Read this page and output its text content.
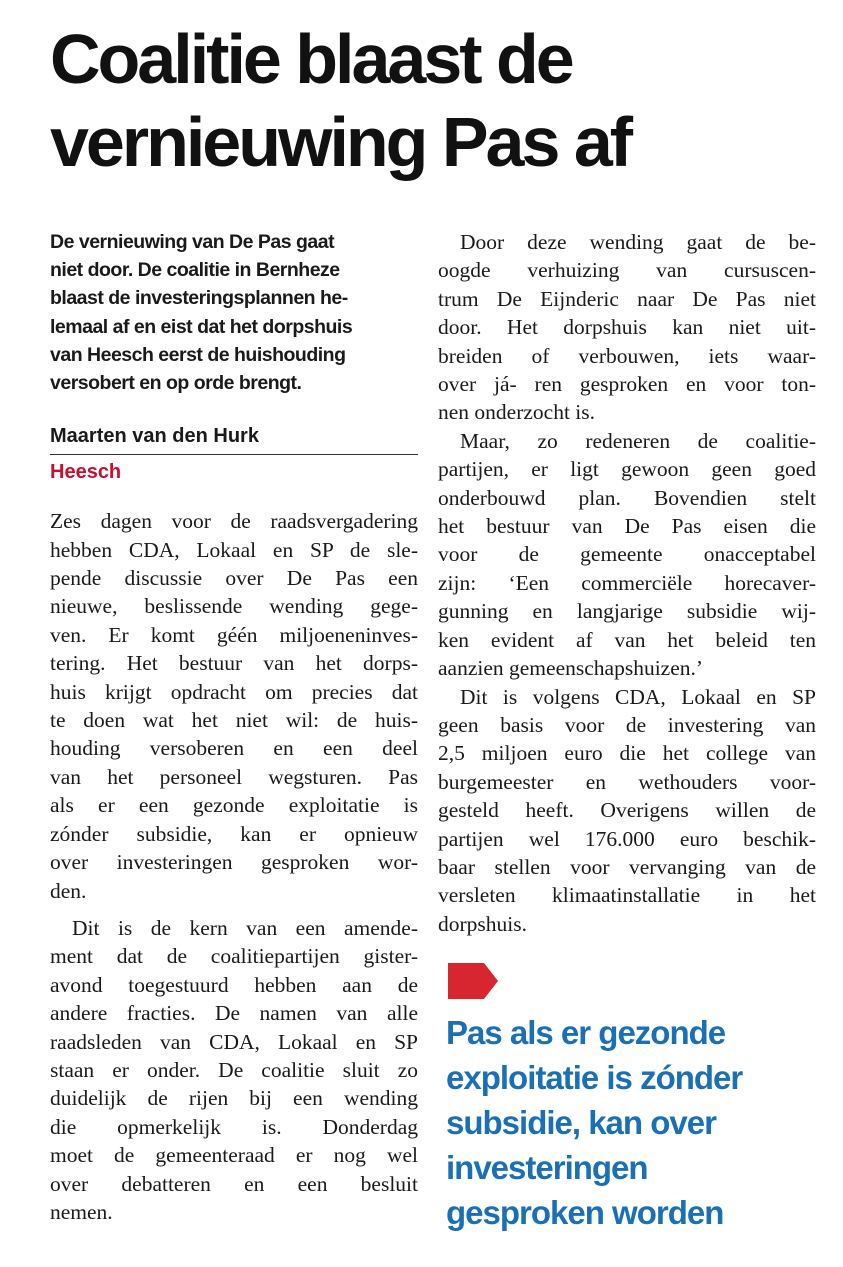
Coalitie blaast de
vernieuwing Pas af

De vernieuwing van De Pas gaat
niet door. De coalitie in Bernheze
blaast de investeringsplannen he-
lemaal af en eist dat het dorpshuis
van Heesch eerst de huishouding
versobert en op orde brengt.

Maarten van den Hurk
Heesch
Zes dagen voor de raadsvergadering
hebben CDA, Lokaal en SP de sle-
pende discussie over De Pas een
nieuwe, beslissende wending gege-
ven. Er komt géén miljoeneninves-
tering. Het bestuur van het dorps-
huis krijgt opdracht om precies dat
te doen wat het niet wil: de huis-
houding versoberen en een deel
van het personeel wegsturen. Pas
als er een gezonde exploitatie is
zónder subsidie, kan er opnieuw
over investeringen gesproken wor-
den.
Dit is de kern van een amende-
ment dat de coalitiepartijen gister-
avond toegestuurd hebben aan de
andere fracties. De namen van alle
raadsleden van CDA, Lokaal en SP
staan er onder. De coalitie sluit zo
duidelijk de rijen bij een wending
die opmerkelijk is. Donderdag
moet de gemeenteraad er nog wel
over debatteren en een besluit
nemen.
Door deze wending gaat de be-
oogde verhuizing van cursuscen-
trum De Eijnderic naar De Pas niet
door. Het dorpshuis kan niet uit-
breiden of verbouwen, iets waar-
over já- ren gesproken en voor ton-
nen onderzocht is.
Maar, zo redeneren de coalitie-
partijen, er ligt gewoon geen goed
onderbouwd plan. Bovendien stelt
het bestuur van De Pas eisen die
voor de gemeente onacceptabel
zijn: ‘Een commerciële horecaver-
gunning en langjarige subsidie wij-
ken evident af van het beleid ten
aanzien gemeenschapshuizen.’
Dit is volgens CDA, Lokaal en SP
geen basis voor de investering van
2,5 miljoen euro die het college van
burgemeester en wethouders voor-
gesteld heeft. Overigens willen de
partijen wel 176.000 euro beschik-
baar stellen voor vervanging van de
versleten klimaatinstallatie in het
dorpshuis.

Pas als er gezonde
exploitatie is zónder
subsidie, kan over
investeringen
gesproken worden
